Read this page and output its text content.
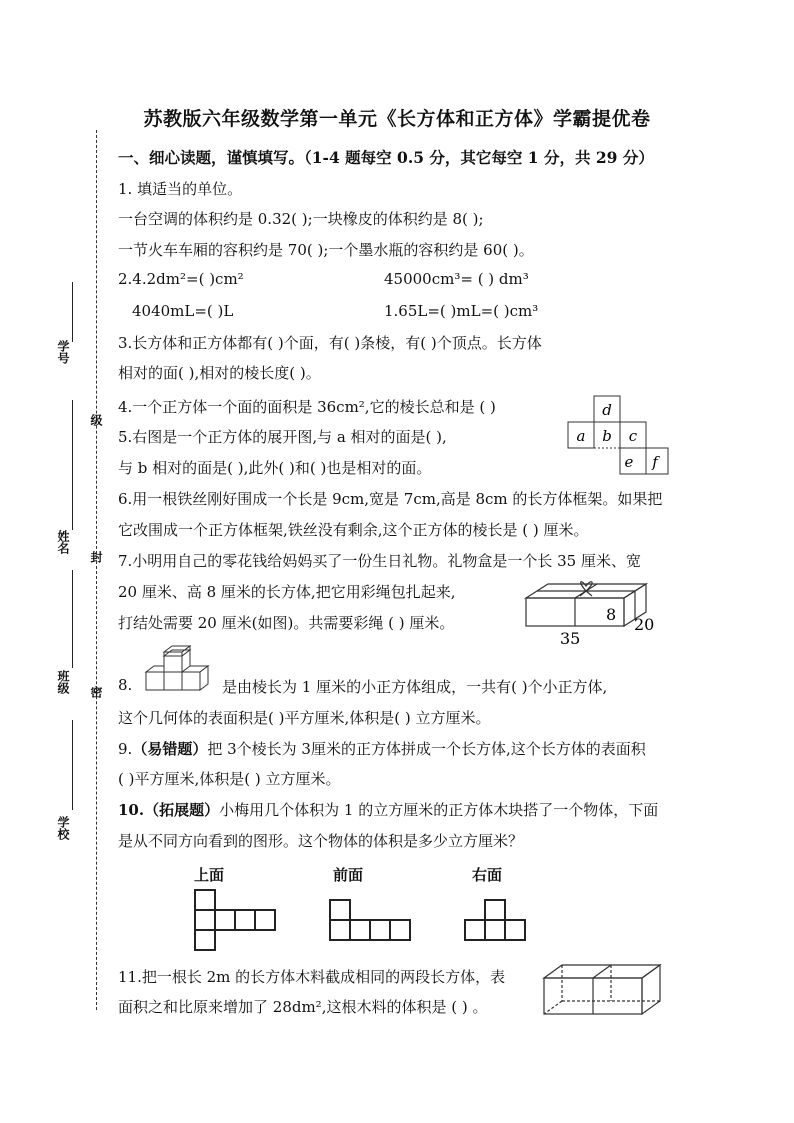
学号
级
姓名
封
班级 密
学校
苏教版六年级数学第一单元《长方体和正方体》学霸提优卷
一、细心读题，谨慎填写。（1-4 题每空 0.5 分，其它每空 1 分，共 29 分）
1. 填适当的单位。
一台空调的体积约是 0.32( );一块橡皮的体积约是 8( );
一节火车车厢的容积约是 70( );一个墨水瓶的容积约是 60( )。
2.4.2dm²=( )cm²	45000cm³= ( ) dm³
4040mL=( )L	1.65L=( )mL=( )cm³
3.长方体和正方体都有( )个面，有( )条棱，有( )个顶点。长方体
相对的面( ),相对的棱长度( )。
4.一个正方体一个面的面积是 36cm²,它的棱长总和是 ( )
5.右图是一个正方体的展开图,与 a 相对的面是( ),
与 b 相对的面是( ),此外( )和( )也是相对的面。
d
a b c
e f
6.用一根铁丝刚好围成一个长是 9cm,宽是 7cm,高是 8cm 的长方体框架。如果把
它改围成一个正方体框架,铁丝没有剩余,这个正方体的棱长是 ( ) 厘米。
7.小明用自己的零花钱给妈妈买了一份生日礼物。礼物盒是一个长 35 厘米、宽
20 厘米、高 8 厘米的长方体,把它用彩绳包扎起来,
打结处需要 20 厘米(如图)。共需要彩绳 ( ) 厘米。
35
8
20
8.	是由棱长为 1 厘米的小正方体组成，一共有( )个小正方体,
这个几何体的表面积是( )平方厘米,体积是( ) 立方厘米。
9.（易错题）把 3个棱长为 3厘米的正方体拼成一个长方体,这个长方体的表面积
( )平方厘米,体积是( ) 立方厘米。
10.（拓展题）小梅用几个体积为 1 的立方厘米的正方体木块搭了一个物体，下面
是从不同方向看到的图形。这个物体的体积是多少立方厘米？
上面	前面	右面
11.把一根长 2m 的长方体木料截成相同的两段长方体，表
面积之和比原来增加了 28dm²,这根木料的体积是 ( ) 。
